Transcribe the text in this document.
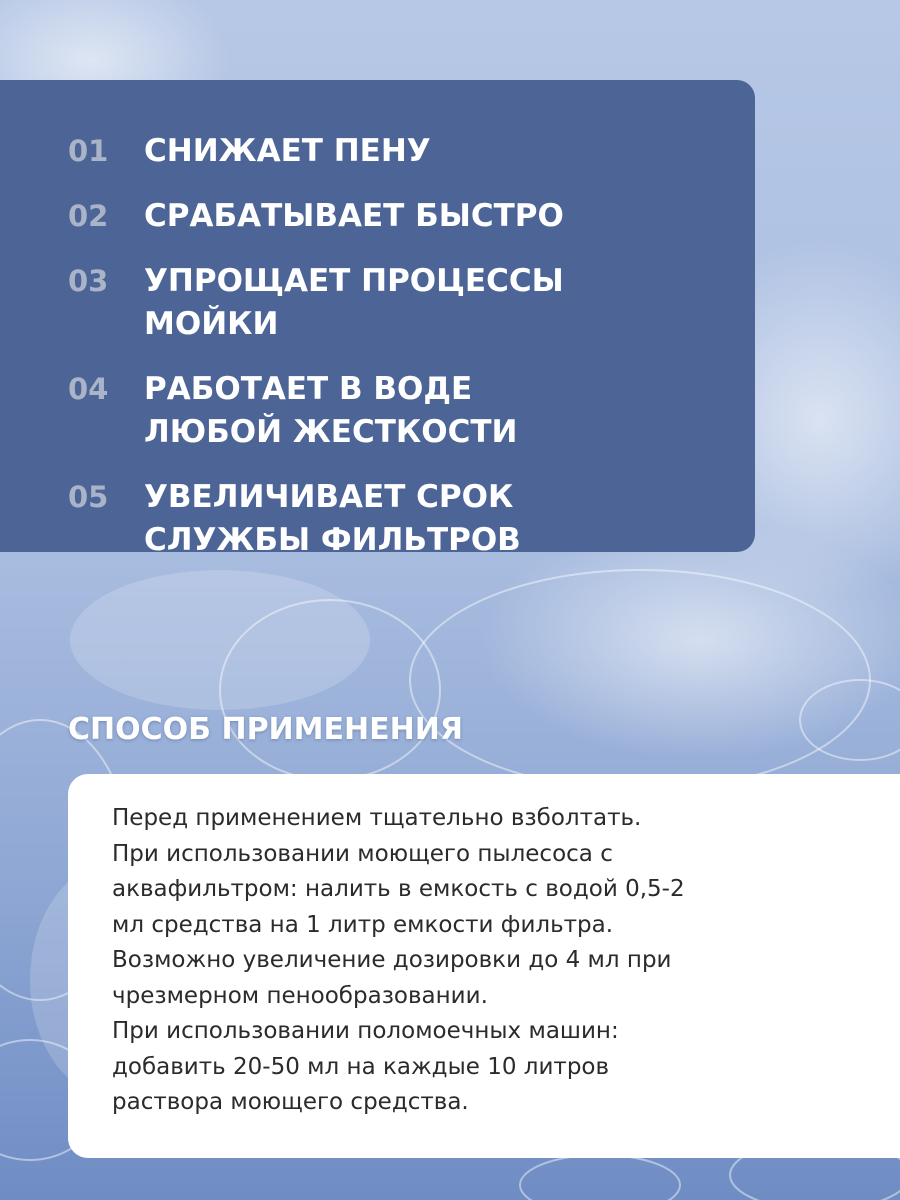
01	СНИЖАЕТ ПЕНУ
02	СРАБАТЫВАЕТ БЫСТРО
03	УПРОЩАЕТ ПРОЦЕССЫ МОЙКИ
04	РАБОТАЕТ В ВОДЕ
ЛЮБОЙ ЖЕСТКОСТИ
05	УВЕЛИЧИВАЕТ СРОК
СЛУЖБЫ ФИЛЬТРОВ
СПОСОБ ПРИМЕНЕНИЯ
Перед применением тщательно взболтать.
При использовании моющего пылесоса с
аквафильтром: налить в емкость с водой 0,5-2
мл средства на 1 литр емкости фильтра.
Возможно увеличение дозировки до 4 мл при
чрезмерном пенообразовании.
При использовании поломоечных машин:
добавить 20-50 мл на каждые 10 литров
раствора моющего средства.
